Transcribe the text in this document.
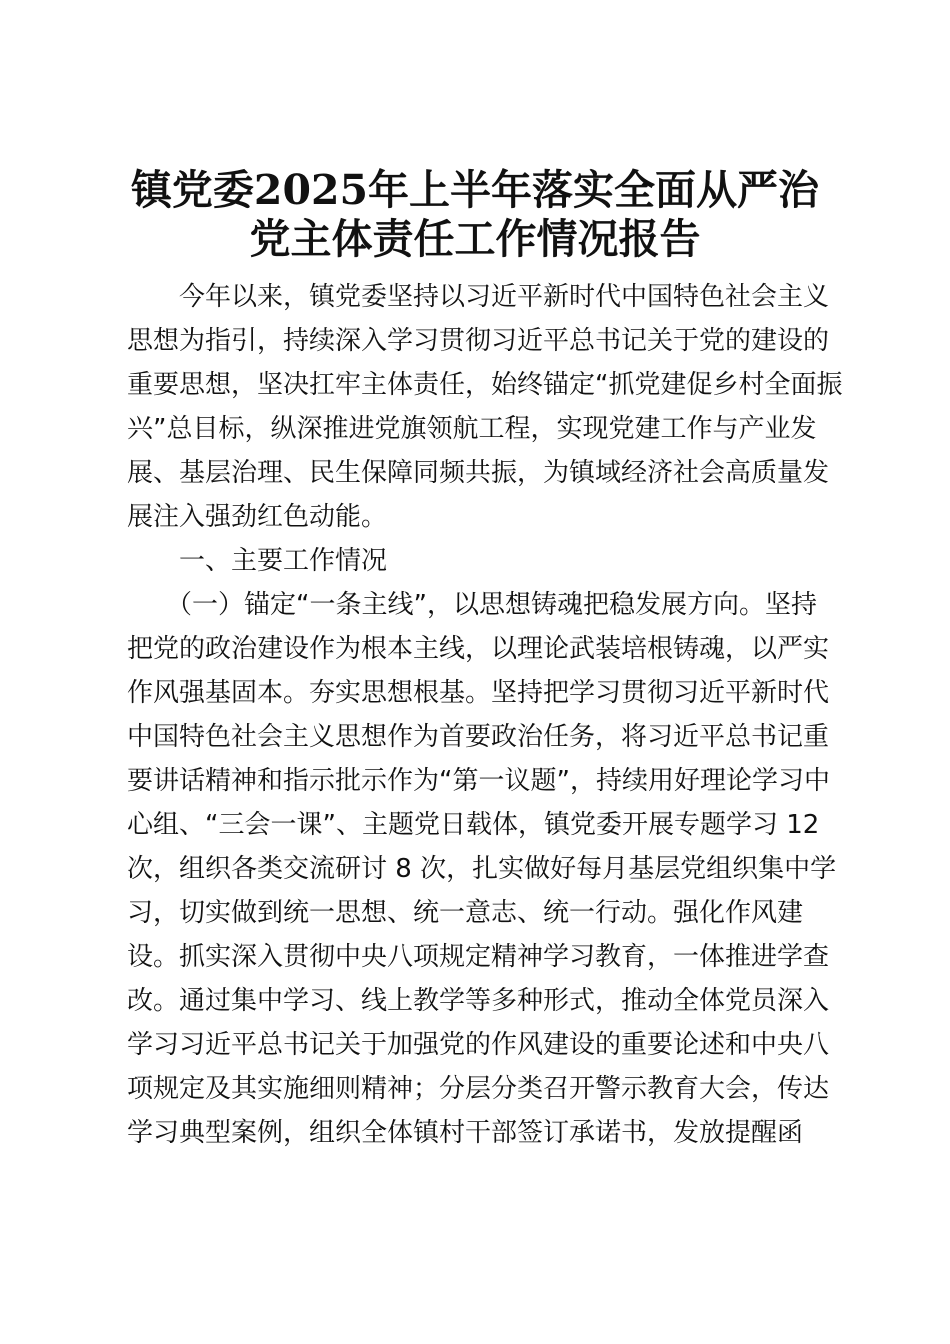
镇党委2025年上半年落实全面从严治
党主体责任工作情况报告
　　今年以来，镇党委坚持以习近平新时代中国特色社会主义
思想为指引，持续深入学习贯彻习近平总书记关于党的建设的
重要思想，坚决扛牢主体责任，始终锚定“抓党建促乡村全面振
兴”总目标，纵深推进党旗领航工程，实现党建工作与产业发
展、基层治理、民生保障同频共振，为镇域经济社会高质量发
展注入强劲红色动能。
　　一、主要工作情况
　　（一）锚定“一条主线”，以思想铸魂把稳发展方向。坚持
把党的政治建设作为根本主线，以理论武装培根铸魂，以严实
作风强基固本。夯实思想根基。坚持把学习贯彻习近平新时代
中国特色社会主义思想作为首要政治任务，将习近平总书记重
要讲话精神和指示批示作为“第一议题”，持续用好理论学习中
心组、“三会一课”、主题党日载体，镇党委开展专题学习 12
次，组织各类交流研讨 8 次，扎实做好每月基层党组织集中学
习，切实做到统一思想、统一意志、统一行动。强化作风建
设。抓实深入贯彻中央八项规定精神学习教育，一体推进学查
改。通过集中学习、线上教学等多种形式，推动全体党员深入
学习习近平总书记关于加强党的作风建设的重要论述和中央八
项规定及其实施细则精神；分层分类召开警示教育大会，传达
学习典型案例，组织全体镇村干部签订承诺书，发放提醒函
